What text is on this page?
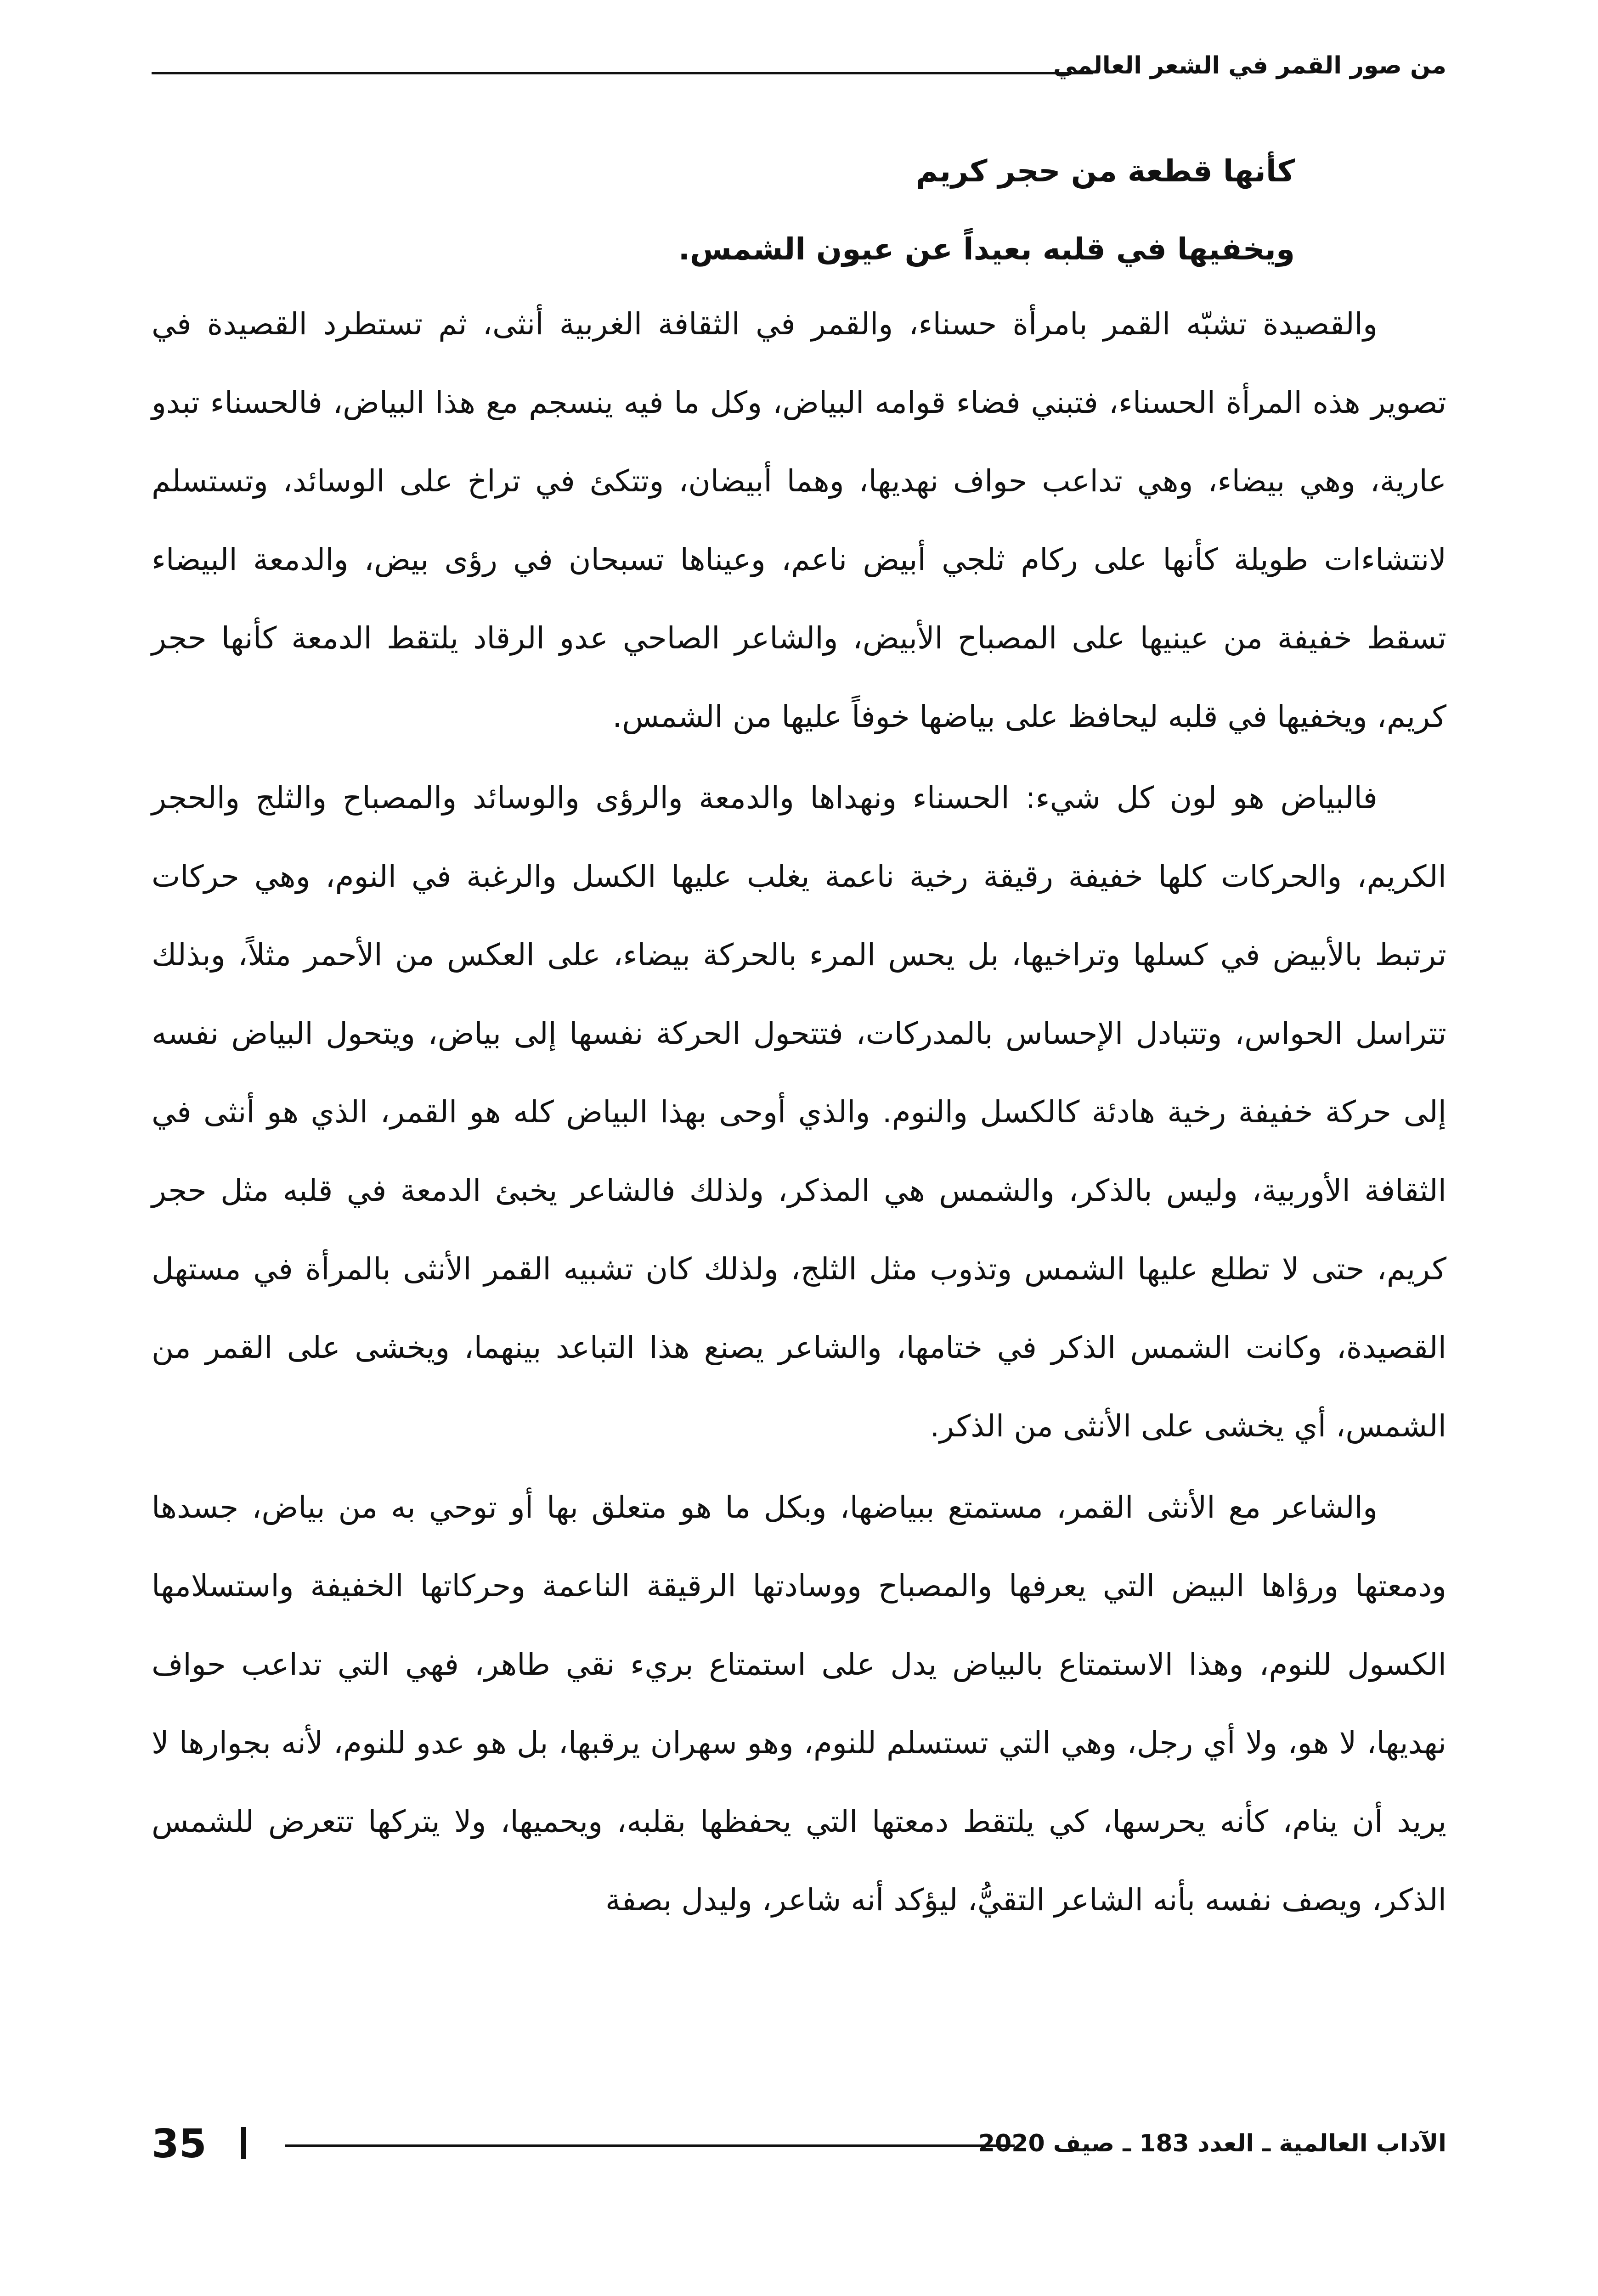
من صور القمر في الشعر العالمي
كأنها قطعة من حجر كريم
ويخفيها في قلبه بعيداً عن عيون الشمس.

والقصيدة تشبّه القمر بامرأة حسناء، والقمر في الثقافة الغربية أنثى، ثم تستطرد القصيدة في تصوير هذه المرأة الحسناء، فتبني فضاء قوامه البياض، وكل ما فيه ينسجم مع هذا البياض، فالحسناء تبدو عارية، وهي بيضاء، وهي تداعب حواف نهديها، وهما أبيضان، وتتكئ في تراخ على الوسائد، وتستسلم لانتشاءات طويلة كأنها على ركام ثلجي أبيض ناعم، وعيناها تسبحان في رؤى بيض، والدمعة البيضاء تسقط خفيفة من عينيها على المصباح الأبيض، والشاعر الصاحي عدو الرقاد يلتقط الدمعة كأنها حجر كريم، ويخفيها في قلبه ليحافظ على بياضها خوفاً عليها من الشمس.

فالبياض هو لون كل شيء: الحسناء ونهداها والدمعة والرؤى والوسائد والمصباح والثلج والحجر الكريم، والحركات كلها خفيفة رقيقة رخية ناعمة يغلب عليها الكسل والرغبة في النوم، وهي حركات ترتبط بالأبيض في كسلها وتراخيها، بل يحس المرء بالحركة بيضاء، على العكس من الأحمر مثلاً، وبذلك تتراسل الحواس، وتتبادل الإحساس بالمدركات، فتتحول الحركة نفسها إلى بياض، ويتحول البياض نفسه إلى حركة خفيفة رخية هادئة كالكسل والنوم. والذي أوحى بهذا البياض كله هو القمر، الذي هو أنثى في الثقافة الأوربية، وليس بالذكر، والشمس هي المذكر، ولذلك فالشاعر يخبئ الدمعة في قلبه مثل حجر كريم، حتى لا تطلع عليها الشمس وتذوب مثل الثلج، ولذلك كان تشبيه القمر الأنثى بالمرأة في مستهل القصيدة، وكانت الشمس الذكر في ختامها، والشاعر يصنع هذا التباعد بينهما، ويخشى على القمر من الشمس، أي يخشى على الأنثى من الذكر.

والشاعر مع الأنثى القمر، مستمتع ببياضها، وبكل ما هو متعلق بها أو توحي به من بياض، جسدها ودمعتها ورؤاها البيض التي يعرفها والمصباح ووسادتها الرقيقة الناعمة وحركاتها الخفيفة واستسلامها الكسول للنوم، وهذا الاستمتاع بالبياض يدل على استمتاع بريء نقي طاهر، فهي التي تداعب حواف نهديها، لا هو، ولا أي رجل، وهي التي تستسلم للنوم، وهو سهران يرقبها، بل هو عدو للنوم، لأنه بجوارها لا يريد أن ينام، كأنه يحرسها، كي يلتقط دمعتها التي يحفظها بقلبه، ويحميها، ولا يتركها تتعرض للشمس الذكر، ويصف نفسه بأنه الشاعر التقيُّ، ليؤكد أنه شاعر، وليدل بصفة

الآداب العالمية ـ العدد 183 ـ صيف 2020
35
